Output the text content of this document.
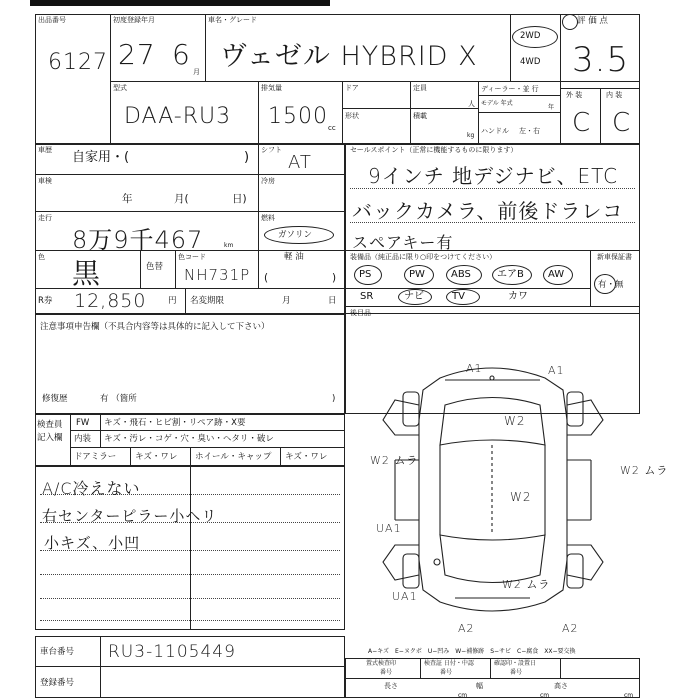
出品番号
6127
初度登録年月
27 6
月
車名・グレード
ヴェゼル HYBRID X
2WD
4WD
評 価 点
3.5
型式
DAA-RU3
排気量
1500 cc
ドア	定員
人
形状	積載
kg
ディーラー・並 行
モデル 年式
年
ハンドル 左・右
外 装	内 装
C C
車歴 自家用・(	) シフト
AT
車検
年	月(	日)
冷房
走行
8万9千467	km
燃料
ガソリン
色 黒	色替
色コード
NH731P
軽 油
(	)
R券 12,850	円 名変期限	月	日
セールスポイント（正常に機能するものに限ります）
9インチ 地デジナビ、ETC
バックカメラ、前後ドラレコ
スペアキー有
装備品（純正品に限り○印をつけてください）	新車保証書
有・無
PS	PW	ABS	エアB AW
SR	ナビ	TV	カワ
後目品
注意事項申告欄（不具合内容等は具体的に記入して下さい）
修復歴	有 （箇所	)
検査員
記入欄
FW キズ・飛石・ヒビ割・リペア跡・X要
内装 キズ・汚レ・コゲ・穴・臭い・ヘタリ・破レ
ドアミラー キズ・ワレ ホイール・キャップ キズ・ワレ
A/C冷えない
右センターピラー小ヘリ
小キズ、小凹
A1	A1
W2
W2 ムラ
W2
W2 ムラ
UA1
UA1
W2 ムラ
A2	A2
A−キズ　E−ヌクボ　U−凹み　W−補修跡　S−サビ　C−腐食　XX−要交換
車台番号 RU3-1105449
登録番号
置式検査印
番号
検査証 日付・中認
番号
確認印・設置日
番号
長さ
cm
幅
cm
高さ
cm
